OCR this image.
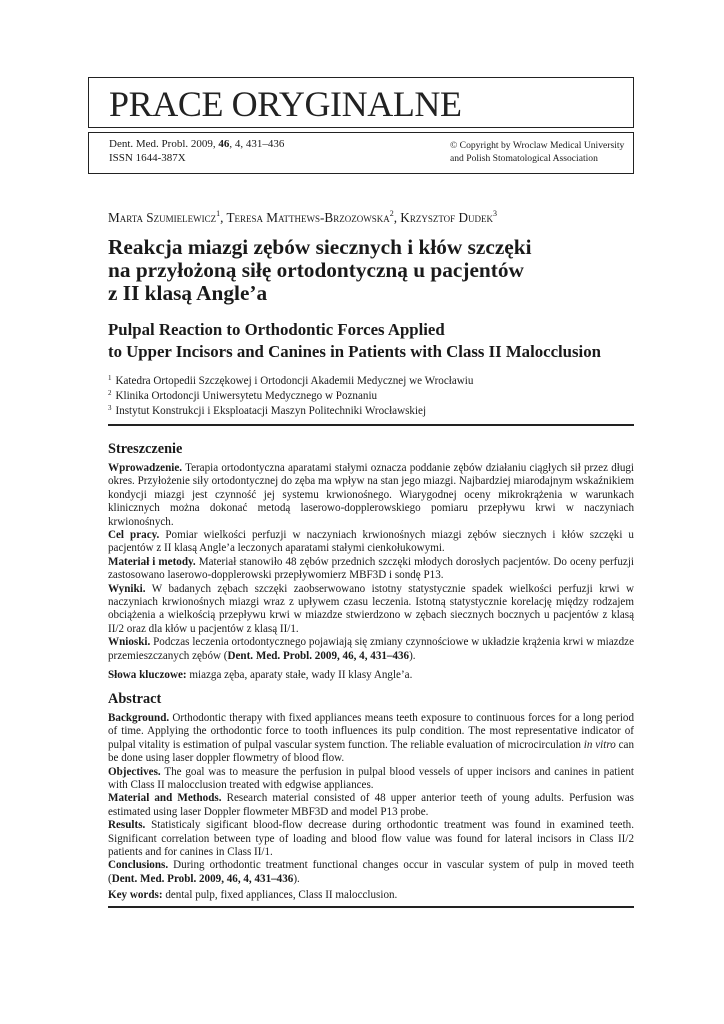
PRACE ORYGINALNE
Dent. Med. Probl. 2009, 46, 4, 431–436
ISSN 1644-387X
© Copyright by Wroclaw Medical University
and Polish Stomatological Association
Marta Szumielewicz$^1$, Teresa Matthews-Brzozowska$^2$, Krzysztof Dudek$^3$
Reakcja miazgi zębów siecznych i kłów szczęki
na przyłożoną siłę ortodontyczną u pacjentów
z II klasą Angle’a
Pulpal Reaction to Orthodontic Forces Applied
to Upper Incisors and Canines in Patients with Class II Malocclusion
$^1$ Katedra Ortopedii Szczękowej i Ortodoncji Akademii Medycznej we Wrocławiu
$^2$ Klinika Ortodoncji Uniwersytetu Medycznego w Poznaniu
$^3$ Instytut Konstrukcji i Eksploatacji Maszyn Politechniki Wrocławskiej
Streszczenie

Wprowadzenie. Terapia ortodontyczna aparatami stałymi oznacza poddanie zębów działaniu ciągłych sił przez długi okres. Przyłożenie siły ortodontycznej do zęba ma wpływ na stan jego miazgi. Najbardziej miarodajnym wskaźnikiem kondycji miazgi jest czynność jej systemu krwionośnego. Wiarygodnej oceny mikrokrążenia w warunkach klinicznych można dokonać metodą laserowo-dopplerowskiego pomiaru przepływu krwi w naczyniach krwionośnych.

Cel pracy. Pomiar wielkości perfuzji w naczyniach krwionośnych miazgi zębów siecznych i kłów szczęki u pacjentów z II klasą Angle’a leczonych aparatami stałymi cienkołukowymi.

Materiał i metody. Materiał stanowiło 48 zębów przednich szczęki młodych dorosłych pacjentów. Do oceny perfuzji zastosowano laserowo-dopplerowski przepływomierz MBF3D i sondę P13.

Wyniki. W badanych zębach szczęki zaobserwowano istotny statystycznie spadek wielkości perfuzji krwi w naczyniach krwionośnych miazgi wraz z upływem czasu leczenia. Istotną statystycznie korelację między rodzajem obciążenia a wielkością przepływu krwi w miazdze stwierdzono w zębach siecznych bocznych u pacjentów z klasą II/2 oraz dla kłów u pacjentów z klasą II/1.

Wnioski. Podczas leczenia ortodontycznego pojawiają się zmiany czynnościowe w układzie krążenia krwi w miazdze przemieszczanych zębów (Dent. Med. Probl. 2009, 46, 4, 431–436).

Słowa kluczowe: miazga zęba, aparaty stałe, wady II klasy Angle’a.
Abstract

Background. Orthodontic therapy with fixed appliances means teeth exposure to continuous forces for a long period of time. Applying the orthodontic force to tooth influences its pulp condition. The most representative indicator of pulpal vitality is estimation of pulpal vascular system function. The reliable evaluation of microcirculation in vitro can be done using laser doppler flowmetry of blood flow.

Objectives. The goal was to measure the perfusion in pulpal blood vessels of upper incisors and canines in patient with Class II malocclusion treated with edgwise appliances.

Material and Methods. Research material consisted of 48 upper anterior teeth of young adults. Perfusion was estimated using laser Doppler flowmeter MBF3D and model P13 probe.

Results. Statisticaly sigificant blood-flow decrease during orthodontic treatment was found in examined teeth. Significant correlation between type of loading and blood flow value was found for lateral incisors in Class II/2 patients and for canines in Class II/1.

Conclusions. During orthodontic treatment functional changes occur in vascular system of pulp in moved teeth (Dent. Med. Probl. 2009, 46, 4, 431–436).

Key words: dental pulp, fixed appliances, Class II malocclusion.
